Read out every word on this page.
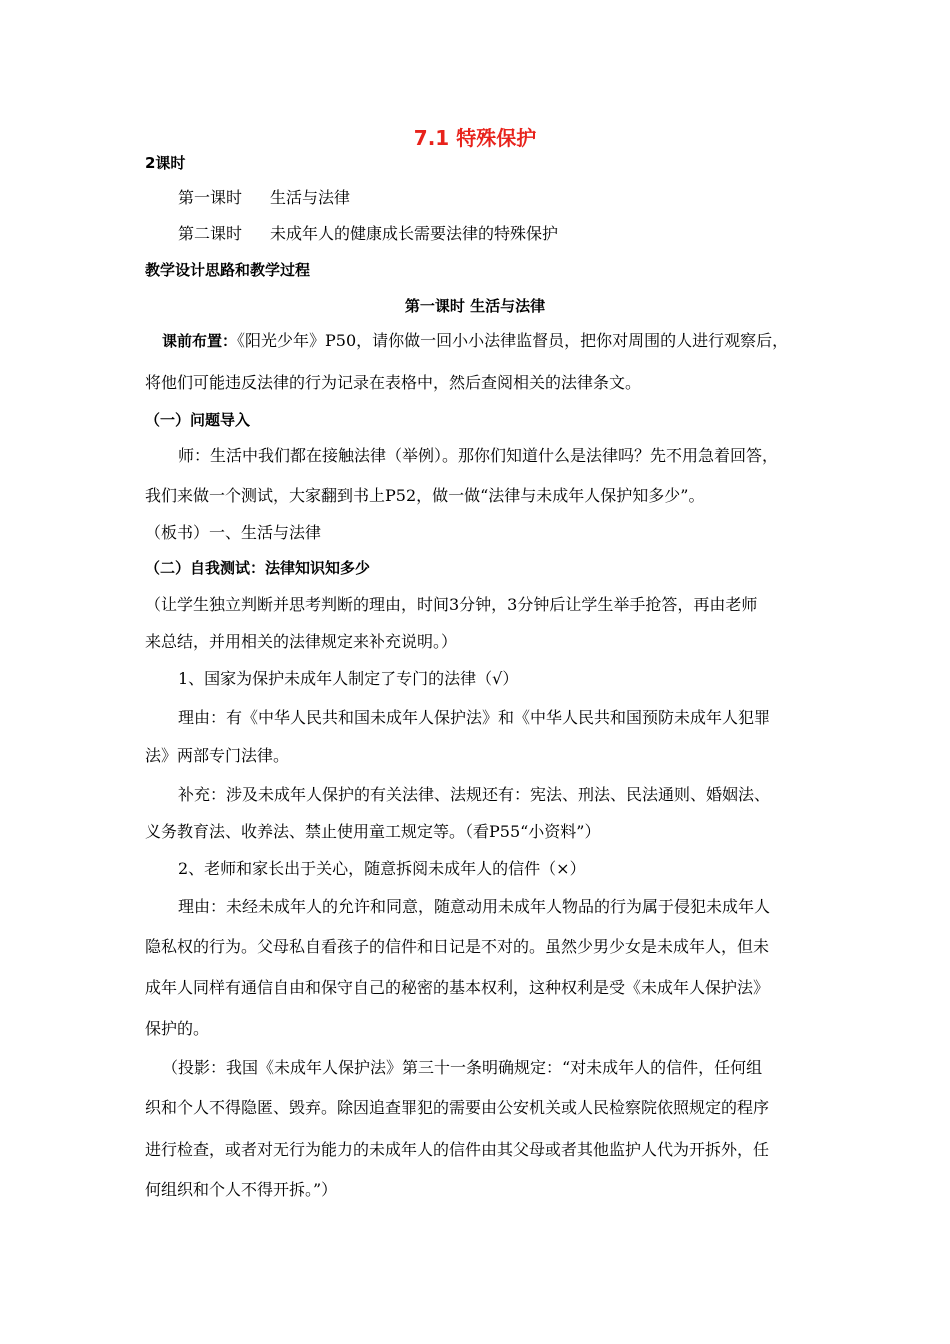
7.1 特殊保护
2课时
第一课时 生活与法律
第二课时 未成年人的健康成长需要法律的特殊保护
教学设计思路和教学过程
第一课时 生活与法律
课前布置：《阳光少年》P50，请你做一回小小法律监督员，把你对周围的人进行观察后，
将他们可能违反法律的行为记录在表格中，然后查阅相关的法律条文。
（一）问题导入
师：生活中我们都在接触法律（举例）。那你们知道什么是法律吗？先不用急着回答，
我们来做一个测试，大家翻到书上P52，做一做“法律与未成年人保护知多少”。
（板书）一、生活与法律
（二）自我测试：法律知识知多少
（让学生独立判断并思考判断的理由，时间3分钟，3分钟后让学生举手抢答，再由老师
来总结，并用相关的法律规定来补充说明。）
1、国家为保护未成年人制定了专门的法律（√）
理由：有《中华人民共和国未成年人保护法》和《中华人民共和国预防未成年人犯罪
法》两部专门法律。
补充：涉及未成年人保护的有关法律、法规还有：宪法、刑法、民法通则、婚姻法、
义务教育法、收养法、禁止使用童工规定等。（看P55“小资料”）
2、老师和家长出于关心，随意拆阅未成年人的信件（×）
理由：未经未成年人的允许和同意，随意动用未成年人物品的行为属于侵犯未成年人
隐私权的行为。父母私自看孩子的信件和日记是不对的。虽然少男少女是未成年人，但未
成年人同样有通信自由和保守自己的秘密的基本权利，这种权利是受《未成年人保护法》
保护的。
（投影：我国《未成年人保护法》第三十一条明确规定：“对未成年人的信件，任何组
织和个人不得隐匿、毁弃。除因追查罪犯的需要由公安机关或人民检察院依照规定的程序
进行检查，或者对无行为能力的未成年人的信件由其父母或者其他监护人代为开拆外，任
何组织和个人不得开拆。”）
